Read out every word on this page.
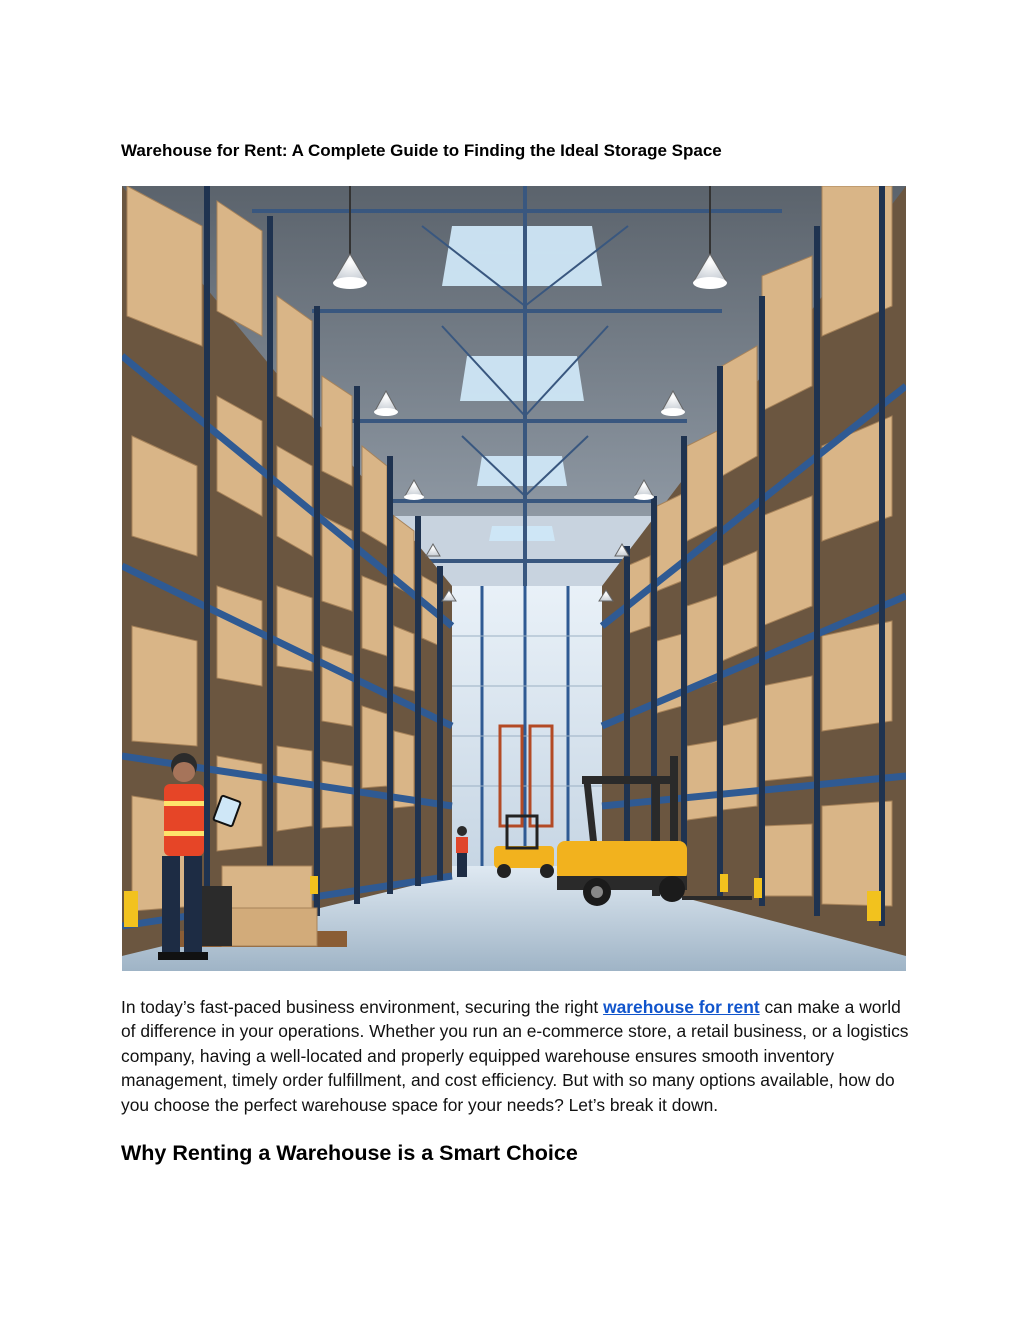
Warehouse for Rent: A Complete Guide to Finding the Ideal Storage Space

In today’s fast-paced business environment, securing the right warehouse for rent can make a world of difference in your operations. Whether you run an e-commerce store, a retail business, or a logistics company, having a well-located and properly equipped warehouse ensures smooth inventory management, timely order fulfillment, and cost efficiency. But with so many options available, how do you choose the perfect warehouse space for your needs? Let’s break it down.

Why Renting a Warehouse is a Smart Choice
